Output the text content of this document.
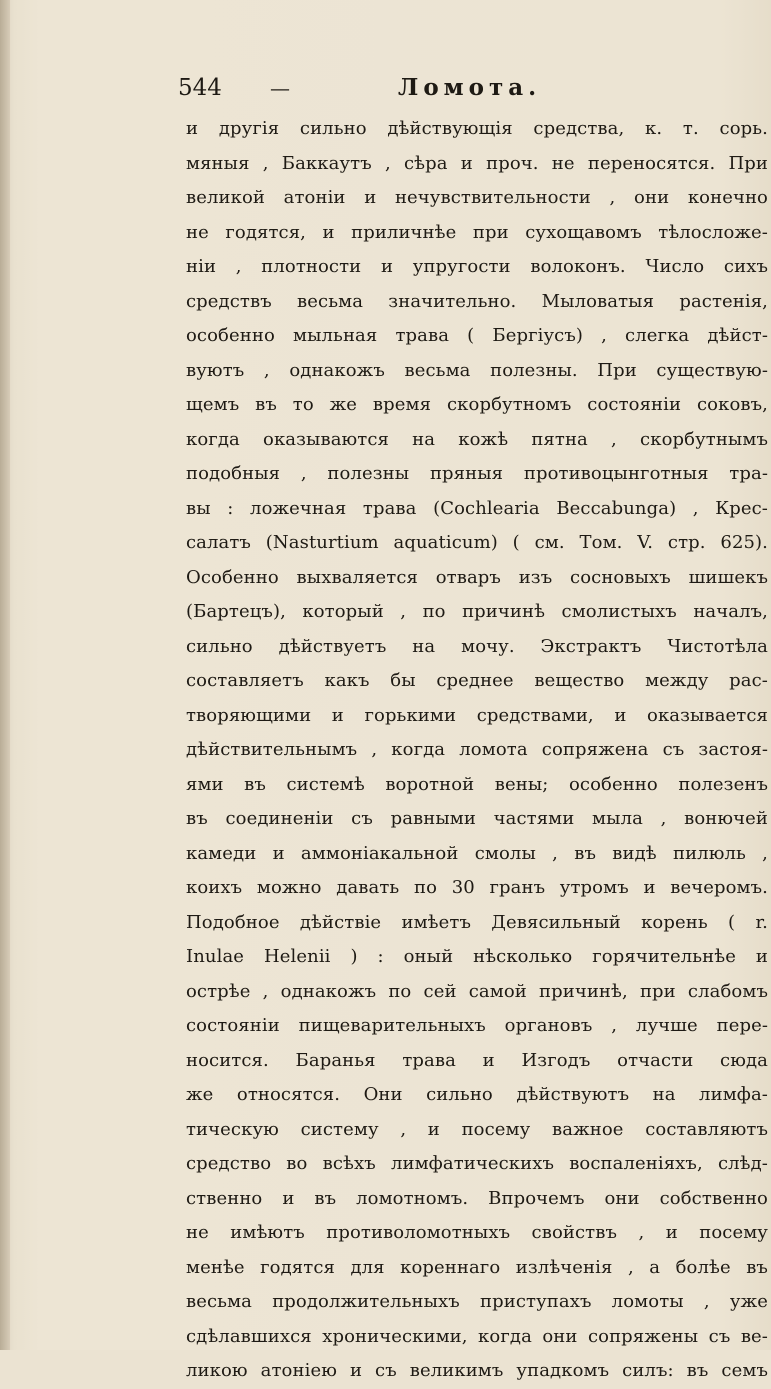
544 —	Ломота.
и другія сильно дѣйствующія средства, к. т. сорь.
мяныя , Баккаутъ , сѣра и проч. не переносятся. При
великой атоніи и нечувствительности , они конечно
не годятся, и приличнѣе при сухощавомъ тѣлосложе-
ніи , плотности и упругости волоконъ. Число сихъ
средствъ весьма значительно. Мыловатыя растенія,
особенно мыльная трава ( Бергіусъ) , слегка дѣйст-
вуютъ , однакожъ весьма полезны. При существую-
щемъ въ то же время скорбутномъ состояніи соковъ,
когда оказываются на кожѣ пятна , скорбутнымъ
подобныя , полезны пряныя противоцынготныя тра-
вы : ложечная трава (Cochlearia Beccabunga) , Крес-
салатъ (Nasturtium aquaticum) ( см. Том. V. стр. 625).
Особенно выхваляется отваръ изъ сосновыхъ шишекъ
(Бартецъ), который , по причинѣ смолистыхъ началъ,
сильно дѣйствуетъ на мочу. Экстрактъ Чистотѣла
составляетъ какъ бы среднее вещество между рас-
творяющими и горькими средствами, и оказывается
дѣйствительнымъ , когда ломота сопряжена съ застоя-
ями въ системѣ воротной вены; особенно полезенъ
въ соединеніи съ равными частями мыла , вонючей
камеди и аммоніакальной смолы , въ видѣ пилюль ,
коихъ можно давать по 30 гранъ утромъ и вечеромъ.
Подобное дѣйствіе имѣетъ Девясильный корень ( r.
Inulae Helenii ) : оный нѣсколько горячительнѣе и
острѣе , однакожъ по сей самой причинѣ, при слабомъ
состояніи пищеварительныхъ органовъ , лучше пере-
носится. Баранья трава и Изгодъ отчасти сюда
же относятся. Они сильно дѣйствуютъ на лимфа-
тическую систему , и посему важное составляютъ
средство во всѣхъ лимфатическихъ воспаленіяхъ, слѣд-
ственно и въ ломотномъ. Впрочемъ они собственно
не имѣютъ противоломотныхъ свойствъ , и посему
менѣе годятся для кореннаго излѣченія , а болѣе въ
весьма продолжительныхъ приступахъ ломоты , уже
сдѣлавшихся хроническими, когда они сопряжены съ ве-
ликою атоніею и съ великимъ упадкомъ силъ: въ семъ
